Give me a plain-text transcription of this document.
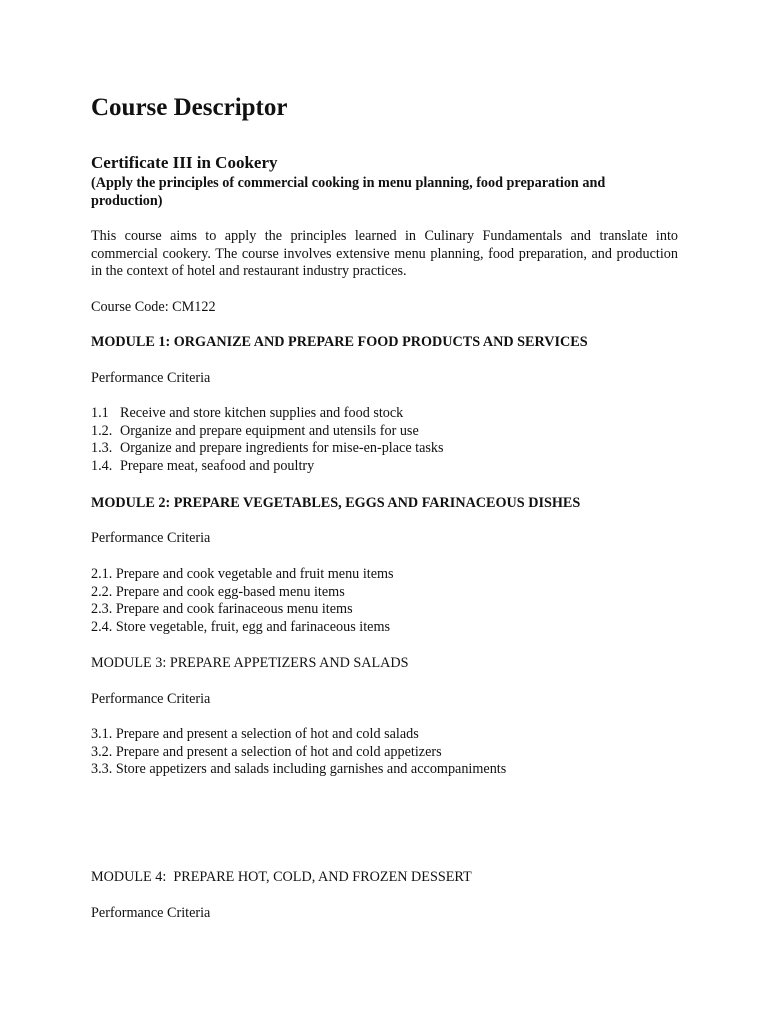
Course Descriptor
Certificate III in Cookery

(Apply the principles of commercial cooking in menu planning, food preparation and production)

This course aims to apply the principles learned in Culinary Fundamentals and translate into commercial cookery. The course involves extensive menu planning, food preparation, and production in the context of hotel and restaurant industry practices.

Course Code: CM122

MODULE 1: ORGANIZE AND PREPARE FOOD PRODUCTS AND SERVICES

Performance Criteria

1.1 Receive and store kitchen supplies and food stock
1.2. Organize and prepare equipment and utensils for use
1.3. Organize and prepare ingredients for mise-en-place tasks
1.4. Prepare meat, seafood and poultry

MODULE 2: PREPARE VEGETABLES, EGGS AND FARINACEOUS DISHES

Performance Criteria

2.1. Prepare and cook vegetable and fruit menu items
2.2. Prepare and cook egg-based menu items
2.3. Prepare and cook farinaceous menu items
2.4. Store vegetable, fruit, egg and farinaceous items

MODULE 3: PREPARE APPETIZERS AND SALADS

Performance Criteria

3.1. Prepare and present a selection of hot and cold salads
3.2. Prepare and present a selection of hot and cold appetizers
3.3. Store appetizers and salads including garnishes and accompaniments

MODULE 4:  PREPARE HOT, COLD, AND FROZEN DESSERT

Performance Criteria
